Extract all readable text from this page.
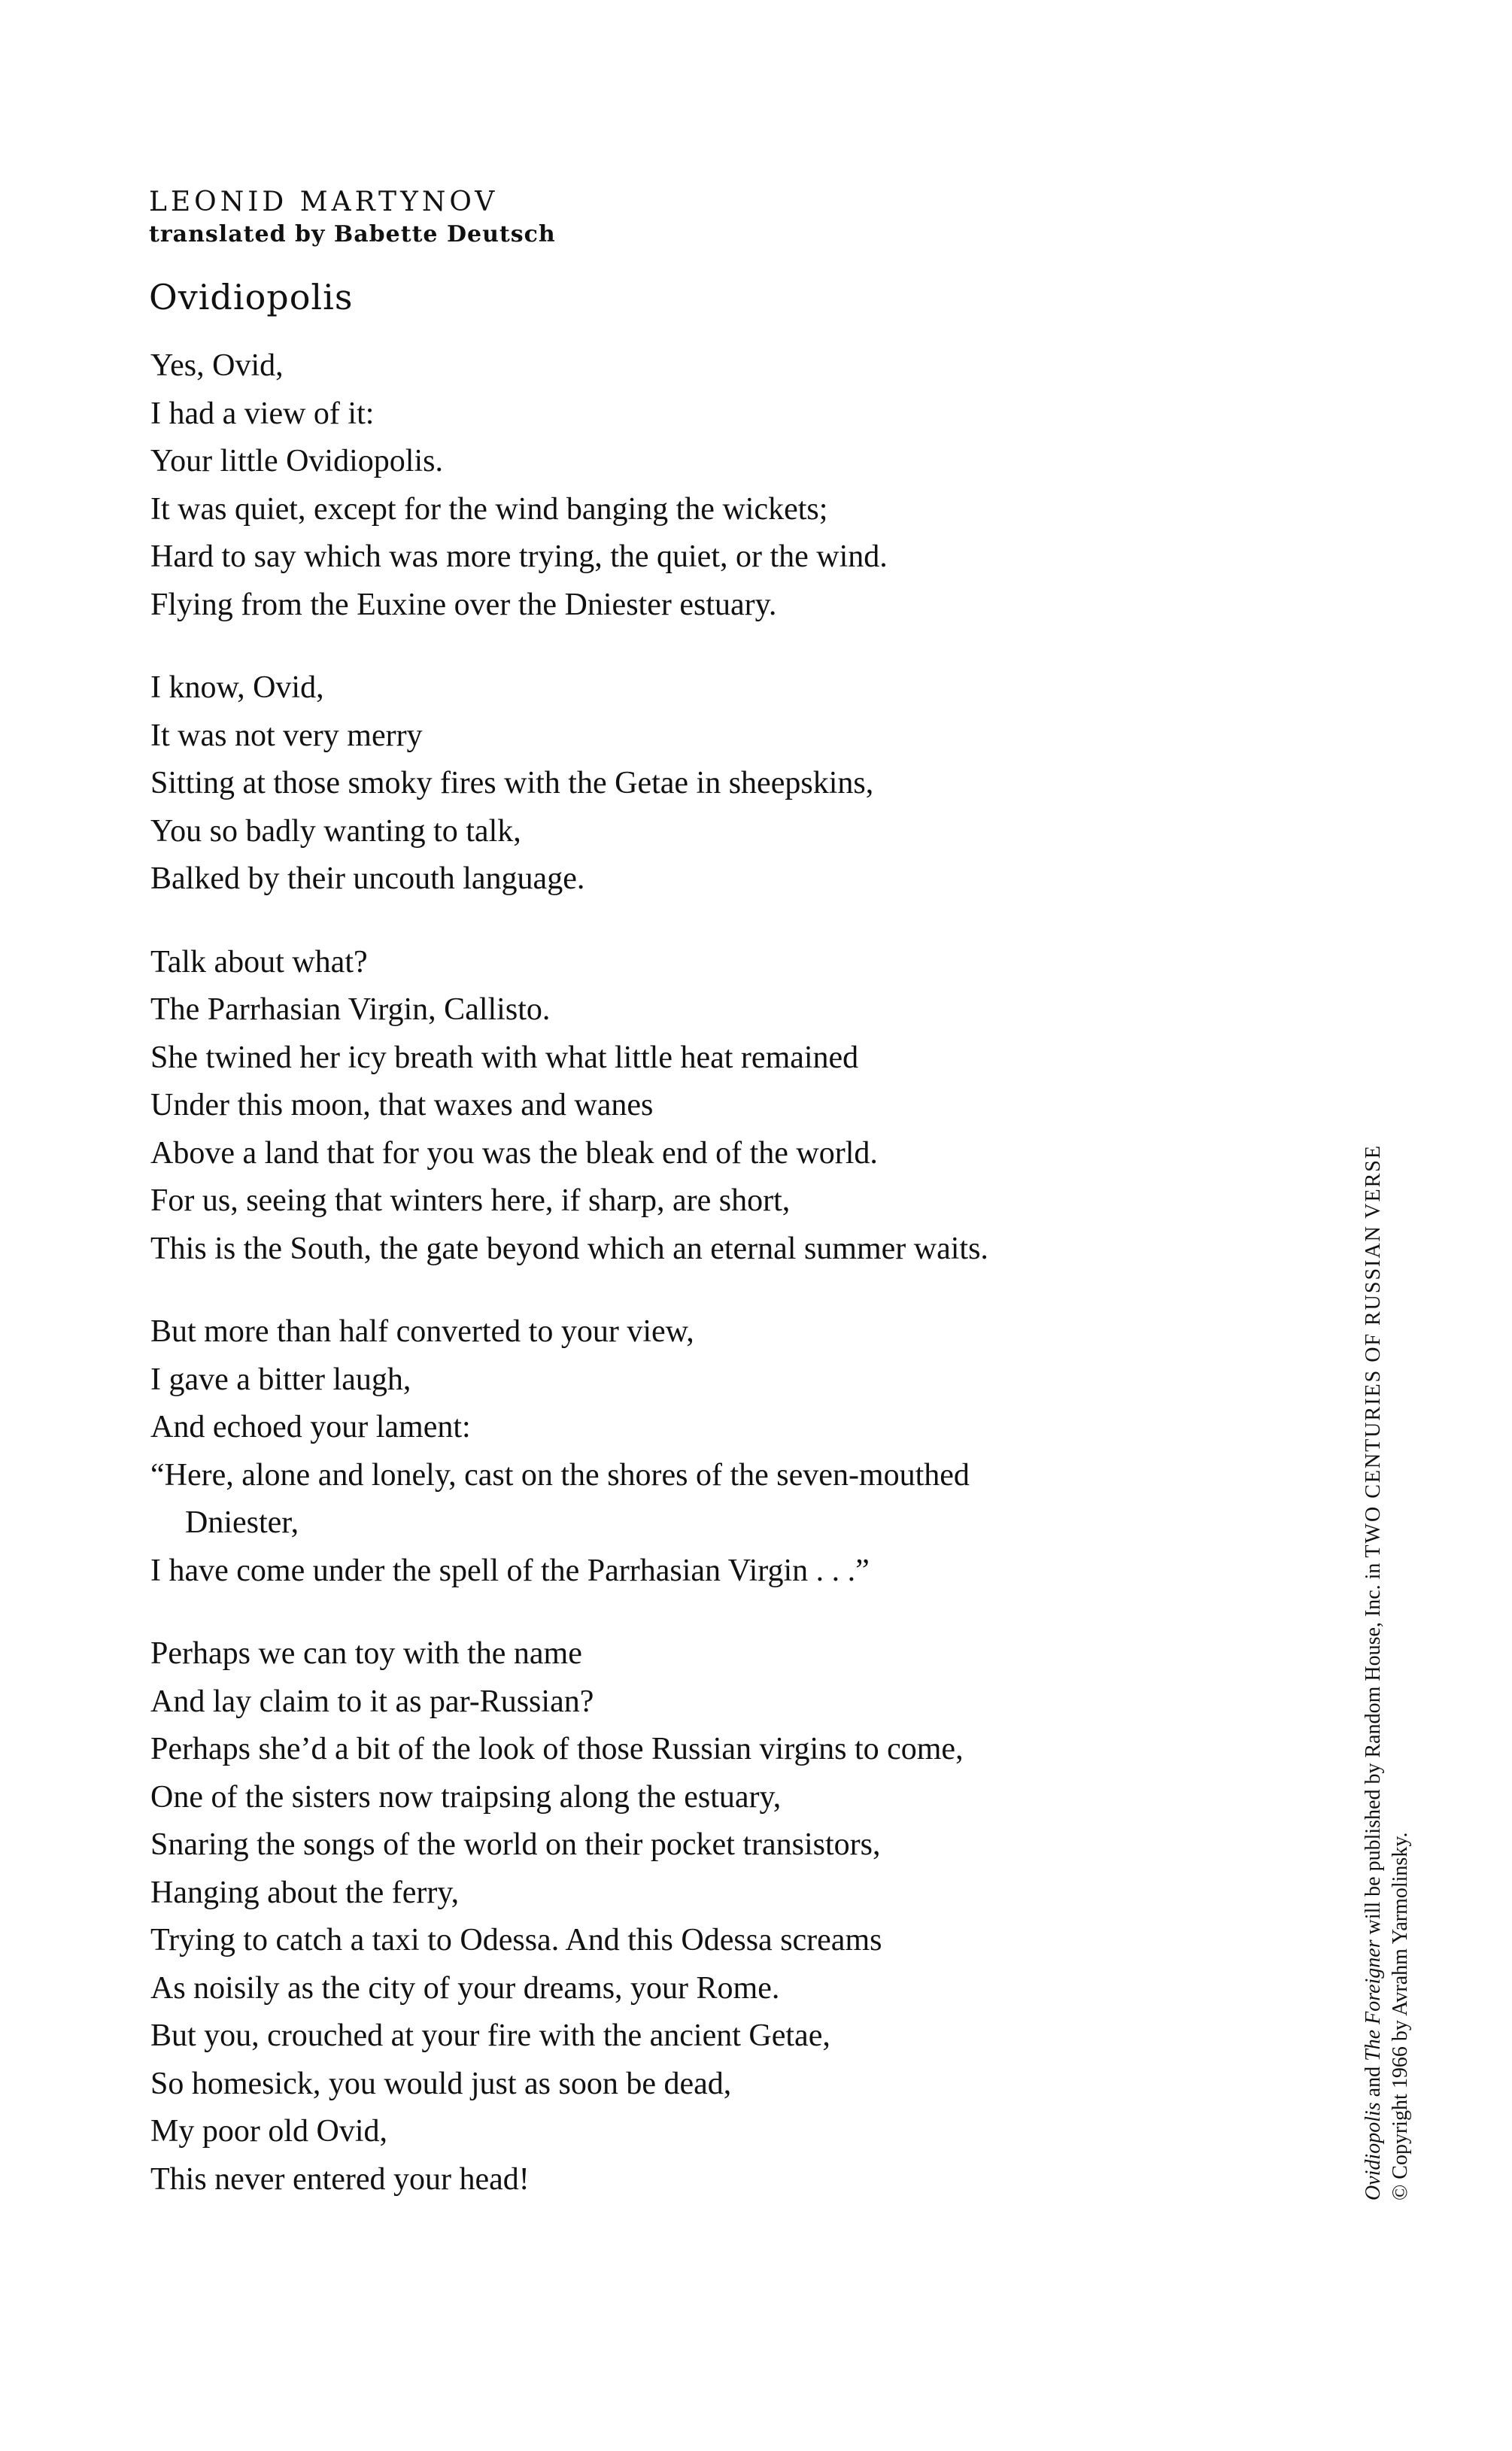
LEONID MARTYNOV
translated by Babette Deutsch
Ovidiopolis
Yes, Ovid,
I had a view of it:
Your little Ovidiopolis.
It was quiet, except for the wind banging the wickets;
Hard to say which was more trying, the quiet, or the wind.
Flying from the Euxine over the Dniester estuary.
I know, Ovid,
It was not very merry
Sitting at those smoky fires with the Getae in sheepskins,
You so badly wanting to talk,
Balked by their uncouth language.
Talk about what?
The Parrhasian Virgin, Callisto.
She twined her icy breath with what little heat remained
Under this moon, that waxes and wanes
Above a land that for you was the bleak end of the world.
For us, seeing that winters here, if sharp, are short,
This is the South, the gate beyond which an eternal summer waits.
But more than half converted to your view,
I gave a bitter laugh,
And echoed your lament:
“Here, alone and lonely, cast on the shores of the seven-mouthed
Dniester,
I have come under the spell of the Parrhasian Virgin . . .”
Perhaps we can toy with the name
And lay claim to it as par-Russian?
Perhaps she’d a bit of the look of those Russian virgins to come,
One of the sisters now traipsing along the estuary,
Snaring the songs of the world on their pocket transistors,
Hanging about the ferry,
Trying to catch a taxi to Odessa. And this Odessa screams
As noisily as the city of your dreams, your Rome.
But you, crouched at your fire with the ancient Getae,
So homesick, you would just as soon be dead,
My poor old Ovid,
This never entered your head!	Ovidiopolis and The Foreigner will be published by Random House, Inc. in TWO CENTURIES OF RUSSIAN VERSE
© Copyright 1966 by Avrahm Yarmolinsky.
